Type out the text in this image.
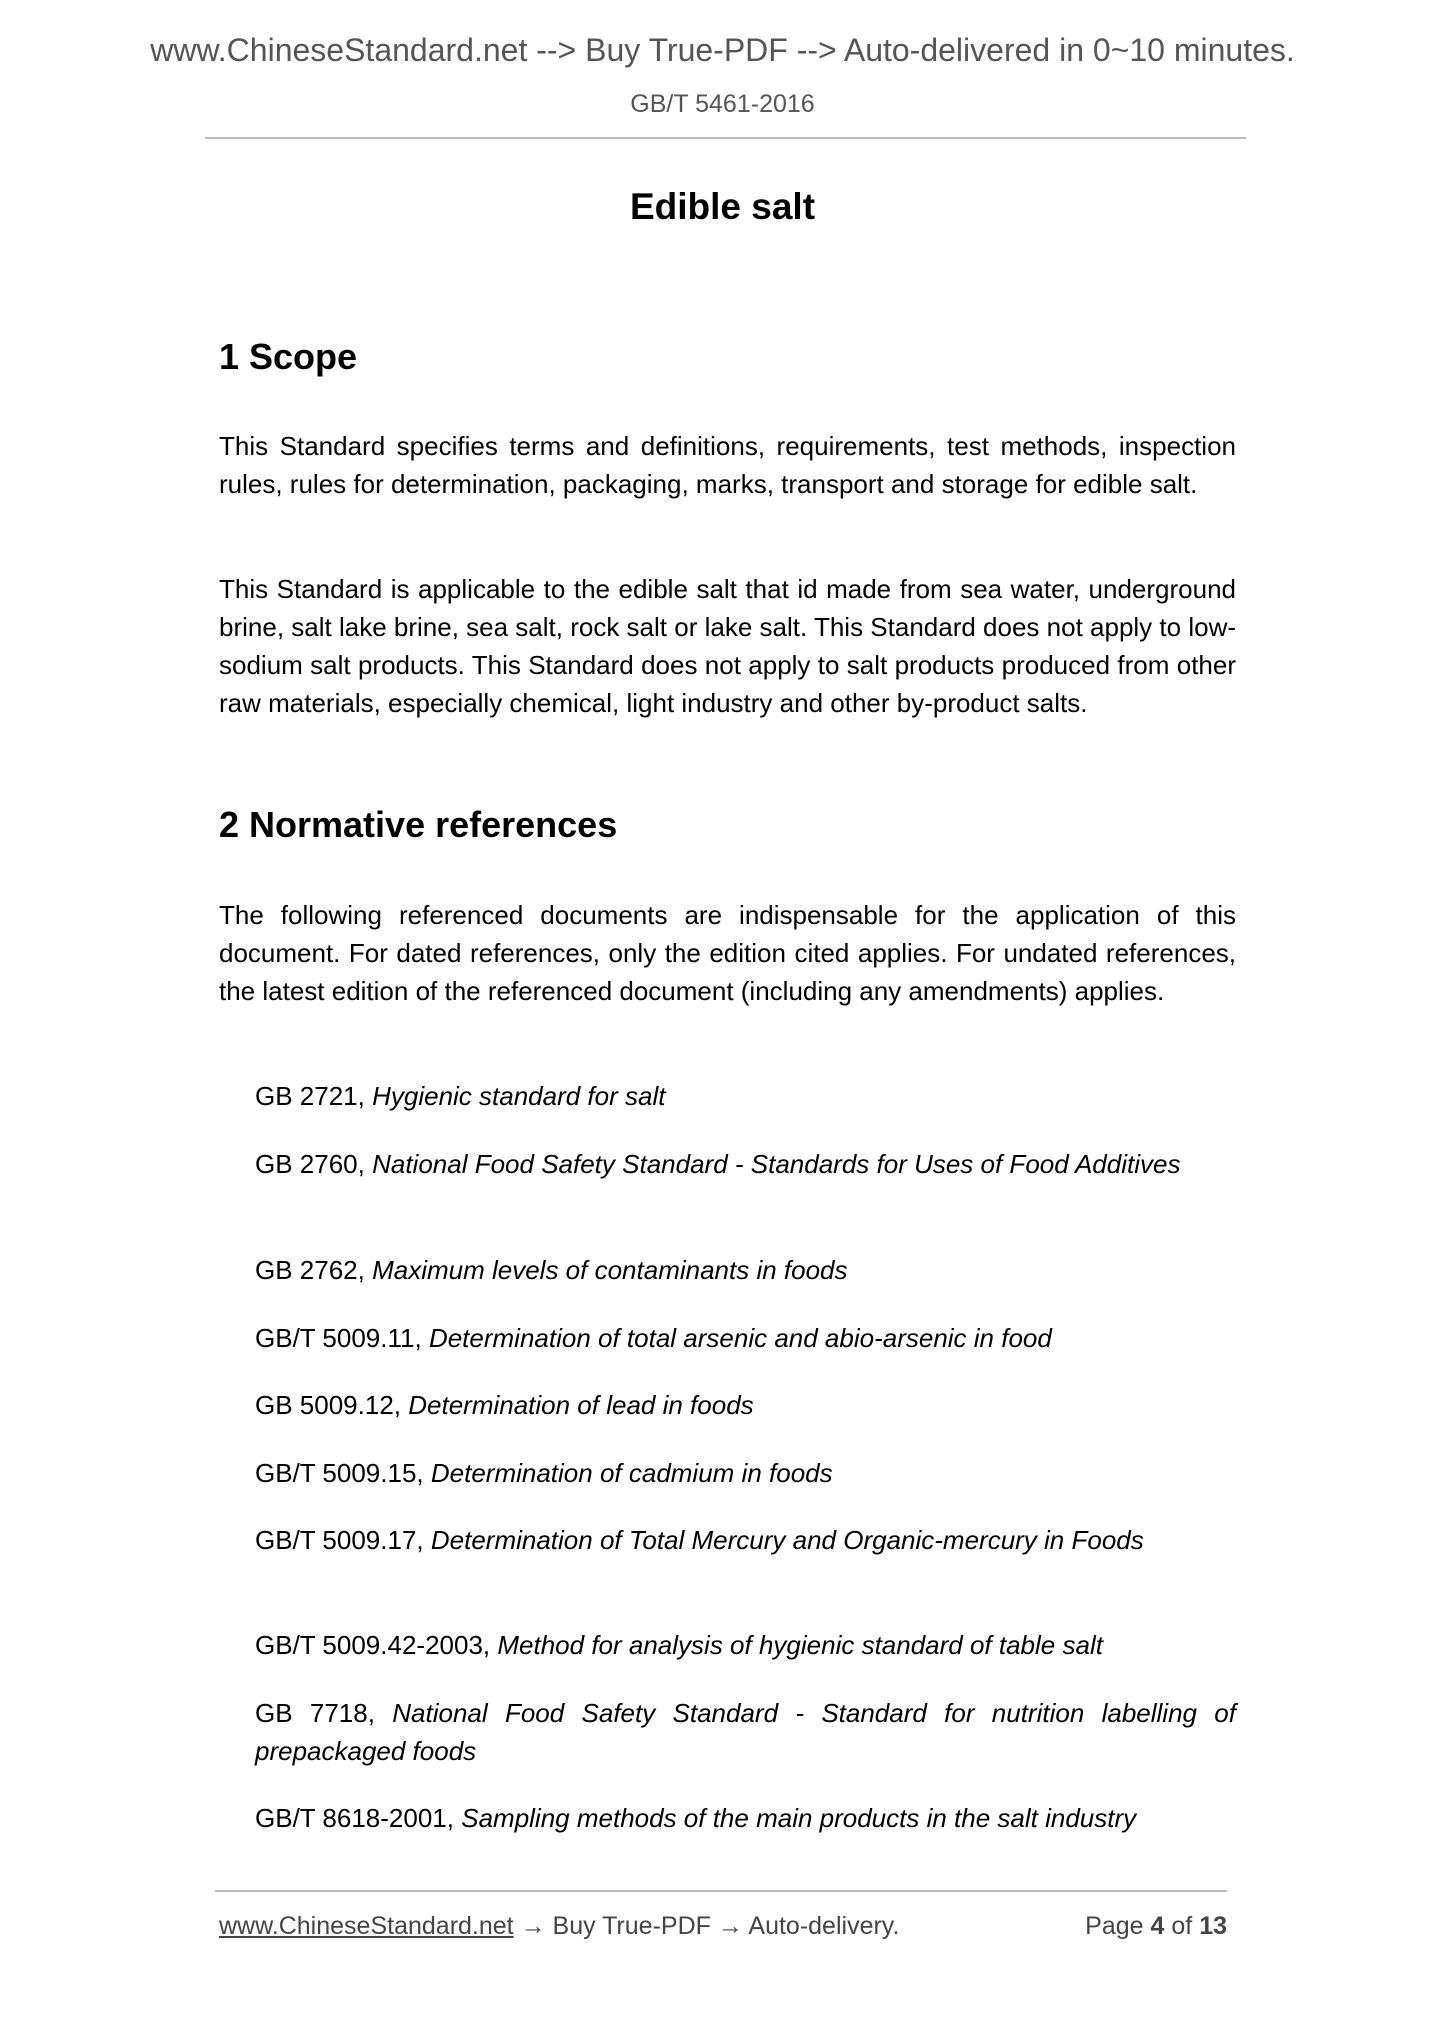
www.ChineseStandard.net --> Buy True-PDF --> Auto-delivered in 0~10 minutes.
GB/T 5461-2016
Edible salt
1 Scope
This Standard specifies terms and definitions, requirements, test methods, inspection rules, rules for determination, packaging, marks, transport and storage for edible salt.
This Standard is applicable to the edible salt that id made from sea water, underground brine, salt lake brine, sea salt, rock salt or lake salt. This Standard does not apply to low-sodium salt products. This Standard does not apply to salt products produced from other raw materials, especially chemical, light industry and other by-product salts.
2 Normative references
The following referenced documents are indispensable for the application of this document. For dated references, only the edition cited applies. For undated references, the latest edition of the referenced document (including any amendments) applies.
GB 2721, Hygienic standard for salt
GB 2760, National Food Safety Standard - Standards for Uses of Food Additives
GB 2762, Maximum levels of contaminants in foods
GB/T 5009.11, Determination of total arsenic and abio-arsenic in food
GB 5009.12, Determination of lead in foods
GB/T 5009.15, Determination of cadmium in foods
GB/T 5009.17, Determination of Total Mercury and Organic-mercury in Foods
GB/T 5009.42-2003, Method for analysis of hygienic standard of table salt
GB 7718, National Food Safety Standard - Standard for nutrition labelling of prepackaged foods
GB/T 8618-2001, Sampling methods of the main products in the salt industry
www.ChineseStandard.net → Buy True-PDF → Auto-delivery.	Page 4 of 13
